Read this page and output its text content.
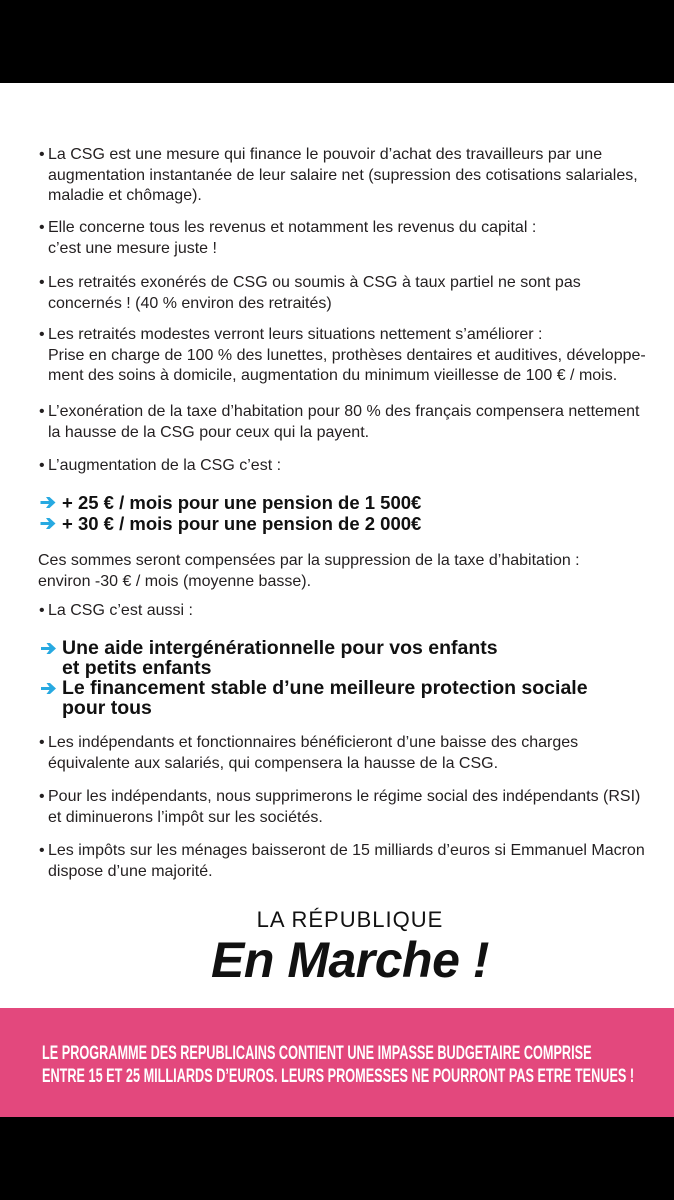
•
La CSG est une mesure qui finance le pouvoir d’achat des travailleurs par une
augmentation instantanée de leur salaire net (supression des cotisations salariales,
maladie et chômage).
•
Elle concerne tous les revenus et notamment les revenus du capital :
c’est une mesure juste !
•
Les retraités exonérés de CSG ou soumis à CSG à taux partiel ne sont pas
concernés ! (40 % environ des retraités)
•
Les retraités modestes verront leurs situations nettement s’améliorer :
Prise en charge de 100 % des lunettes, prothèses dentaires et auditives, développe-
ment des soins à domicile, augmentation du minimum vieillesse de 100 € / mois.
•
L’exonération de la taxe d’habitation pour 80 % des français compensera nettement
la hausse de la CSG pour ceux qui la payent.
•
L’augmentation de la CSG c’est :
+ 25 € / mois pour une pension de 1 500€
+ 30 € / mois pour une pension de 2 000€
Ces sommes seront compensées par la suppression de la taxe d’habitation :
environ -30 € / mois (moyenne basse).
•
La CSG c’est aussi :
Une aide intergénérationnelle pour vos enfants
et petits enfants
Le financement stable d’une meilleure protection sociale
pour tous
•
Les indépendants et fonctionnaires bénéficieront d’une baisse des charges
équivalente aux salariés, qui compensera la hausse de la CSG.
•
Pour les indépendants, nous supprimerons le régime social des indépendants (RSI)
et diminuerons l’impôt sur les sociétés.
•
Les impôts sur les ménages baisseront de 15 milliards d’euros si Emmanuel Macron
dispose d’une majorité.
LA RÉPUBLIQUE
En Marche !
LE PROGRAMME DES REPUBLICAINS CONTIENT UNE IMPASSE BUDGETAIRE COMPRISE
ENTRE 15 ET 25 MILLIARDS D’EUROS. LEURS PROMESSES NE POURRONT PAS ETRE TENUES !
